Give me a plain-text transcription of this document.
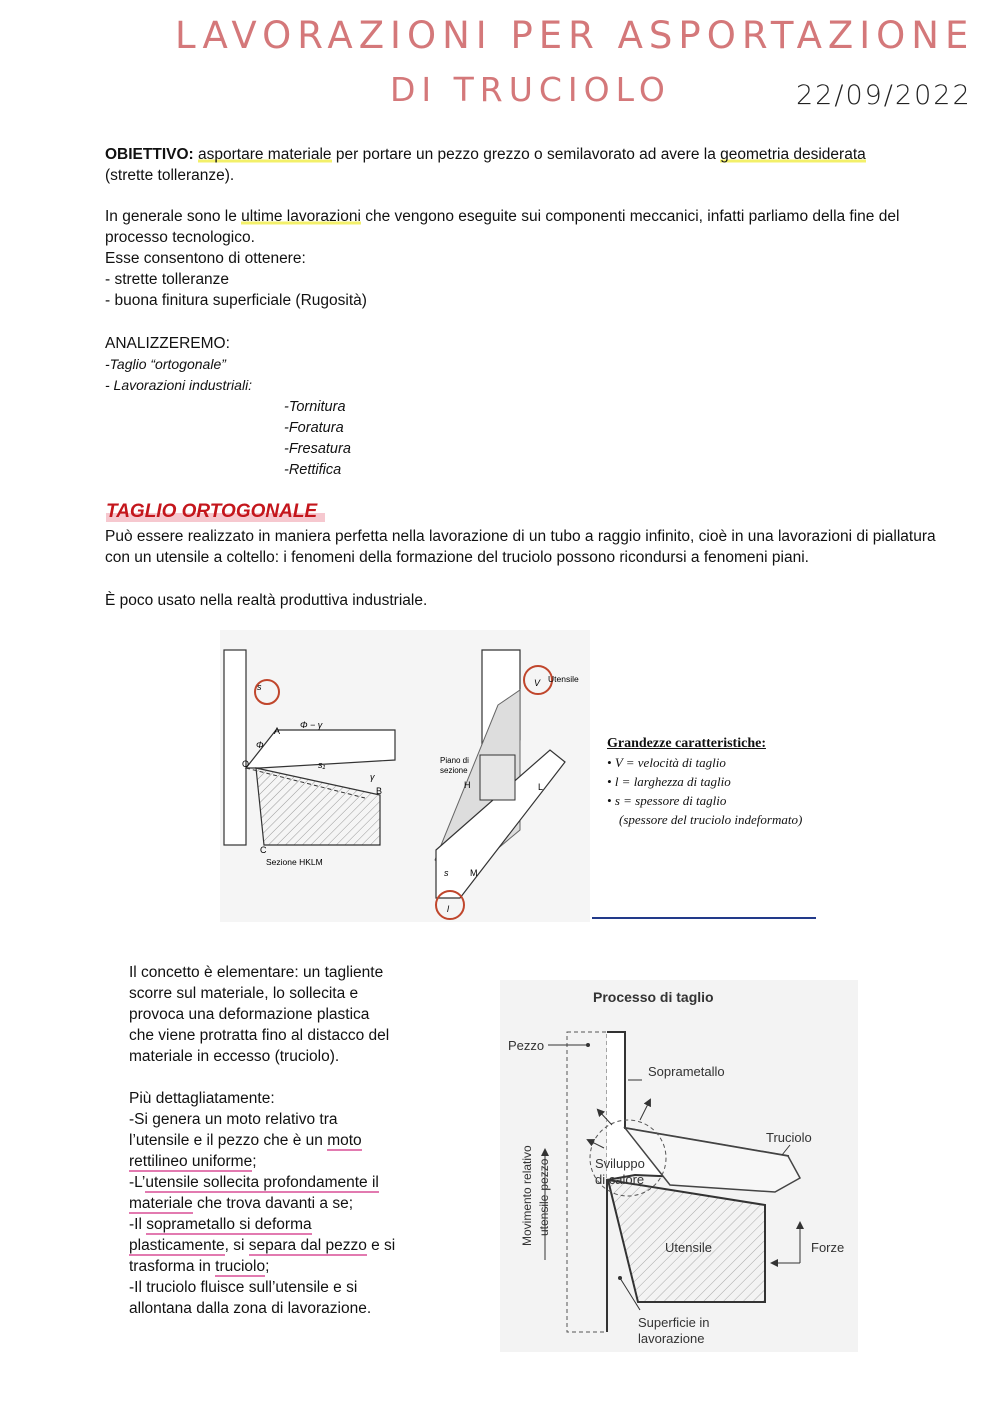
LAVORAZIONI PER ASPORTAZIONE
DI TRUCIOLO	22/09/2022
OBIETTIVO: asportare materiale per portare un pezzo grezzo o semilavorato ad avere la geometria desiderata (strette tolleranze).
In generale sono le ultime lavorazioni che vengono eseguite sui componenti meccanici, infatti parliamo della fine del processo tecnologico.
Esse consentono di ottenere:
- strette tolleranze
- buona finitura superficiale (Rugosità)
ANALIZZEREMO:
-Taglio “ortogonale”
- Lavorazioni industriali:
-Tornitura
-Foratura
-Fresatura
-Rettifica
TAGLIO ORTOGONALE
Può essere realizzato in maniera perfetta nella lavorazione di un tubo a raggio infinito, cioè in una lavorazioni di piallatura con un utensile a coltello: i fenomeni della formazione del truciolo possono ricondursi a fenomeni piani.
È poco usato nella realtà produttiva industriale.
s
A
O
B
C
Φ − γ
Φ
s₁
γ
Sezione HKLM
V Utensile
Piano di
sezione
H	L
M
s
l
Grandezze caratteristiche:
• V = velocità di taglio
• l = larghezza di taglio
• s = spessore di taglio
(spessore del truciolo indeformato)
Il concetto è elementare: un tagliente
scorre sul materiale, lo sollecita e
provoca una deformazione plastica
che viene protratta fino al distacco del
materiale in eccesso (truciolo).
Più dettagliatamente:
-Si genera un moto relativo tra
l’utensile e il pezzo che è un moto
rettilineo uniforme;
-L’utensile sollecita profondamente il
materiale che trova davanti a se;
-Il soprametallo si deforma
plasticamente, si separa dal pezzo e si
trasforma in truciolo;
-Il truciolo fluisce sull’utensile e si
allontana dalla zona di lavorazione.
Processo di taglio
Pezzo
Soprametallo
Truciolo
Sviluppo
di calore
Movimento relativo utensile-pezzo
Utensile	Forze
Superficie in
lavorazione
